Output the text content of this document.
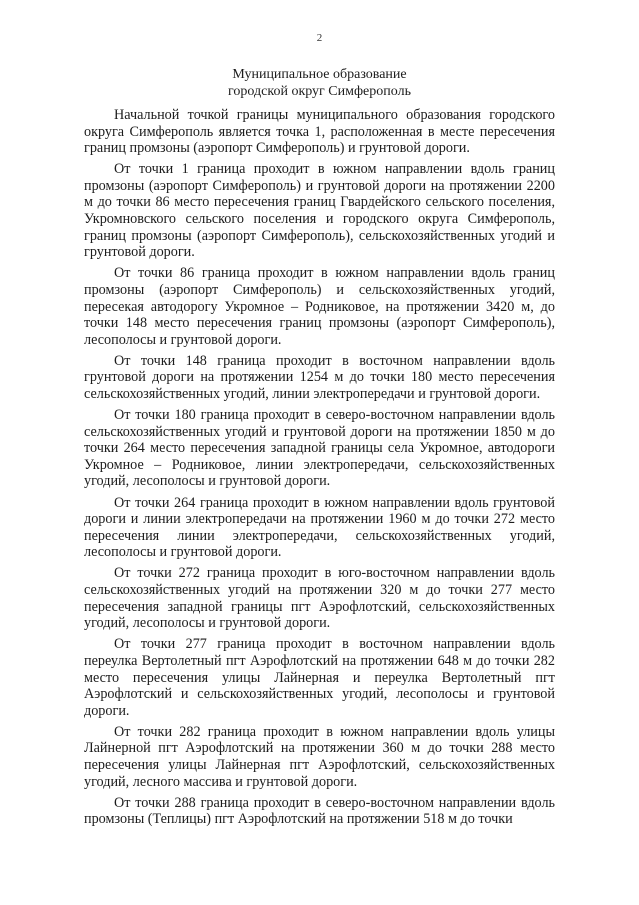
2
Муниципальное образование
городской округ Симферополь

Начальной точкой границы муниципального образования городского округа Симферополь является точка 1, расположенная в месте пересечения границ промзоны (аэропорт Симферополь) и грунтовой дороги.

От точки 1 граница проходит в южном направлении вдоль границ промзоны (аэропорт Симферополь) и грунтовой дороги на протяжении 2200 м до точки 86 место пересечения границ Гвардейского сельского поселения, Укромновского сельского поселения и городского округа Симферополь, границ промзоны (аэропорт Симферополь), сельскохозяйственных угодий и грунтовой дороги.

От точки 86 граница проходит в южном направлении вдоль границ промзоны (аэропорт Симферополь) и сельскохозяйственных угодий, пересекая автодорогу Укромное – Родниковое, на протяжении 3420 м, до точки 148 место пересечения границ промзоны (аэропорт Симферополь), лесополосы и грунтовой дороги.

От точки 148 граница проходит в восточном направлении вдоль грунтовой дороги на протяжении 1254 м до точки 180 место пересечения сельскохозяйственных угодий, линии электропередачи и грунтовой дороги.

От точки 180 граница проходит в северо-восточном направлении вдоль сельскохозяйственных угодий и грунтовой дороги на протяжении 1850 м до точки 264 место пересечения западной границы села Укромное, автодороги Укромное – Родниковое, линии электропередачи, сельскохозяйственных угодий, лесополосы и грунтовой дороги.

От точки 264 граница проходит в южном направлении вдоль грунтовой дороги и линии электропередачи на протяжении 1960 м до точки 272 место пересечения линии электропередачи, сельскохозяйственных угодий, лесополосы и грунтовой дороги.

От точки 272 граница проходит в юго-восточном направлении вдоль сельскохозяйственных угодий на протяжении 320 м до точки 277 место пересечения западной границы пгт Аэрофлотский, сельскохозяйственных угодий, лесополосы и грунтовой дороги.

От точки 277 граница проходит в восточном направлении вдоль переулка Вертолетный пгт Аэрофлотский на протяжении 648 м до точки 282 место пересечения улицы Лайнерная и переулка Вертолетный пгт Аэрофлотский и сельскохозяйственных угодий, лесополосы и грунтовой дороги.

От точки 282 граница проходит в южном направлении вдоль улицы Лайнерной пгт Аэрофлотский на протяжении 360 м до точки 288 место пересечения улицы Лайнерная пгт Аэрофлотский, сельскохозяйственных угодий, лесного массива и грунтовой дороги.

От точки 288 граница проходит в северо-восточном направлении вдоль промзоны (Теплицы) пгт Аэрофлотский на протяжении 518 м до точки
